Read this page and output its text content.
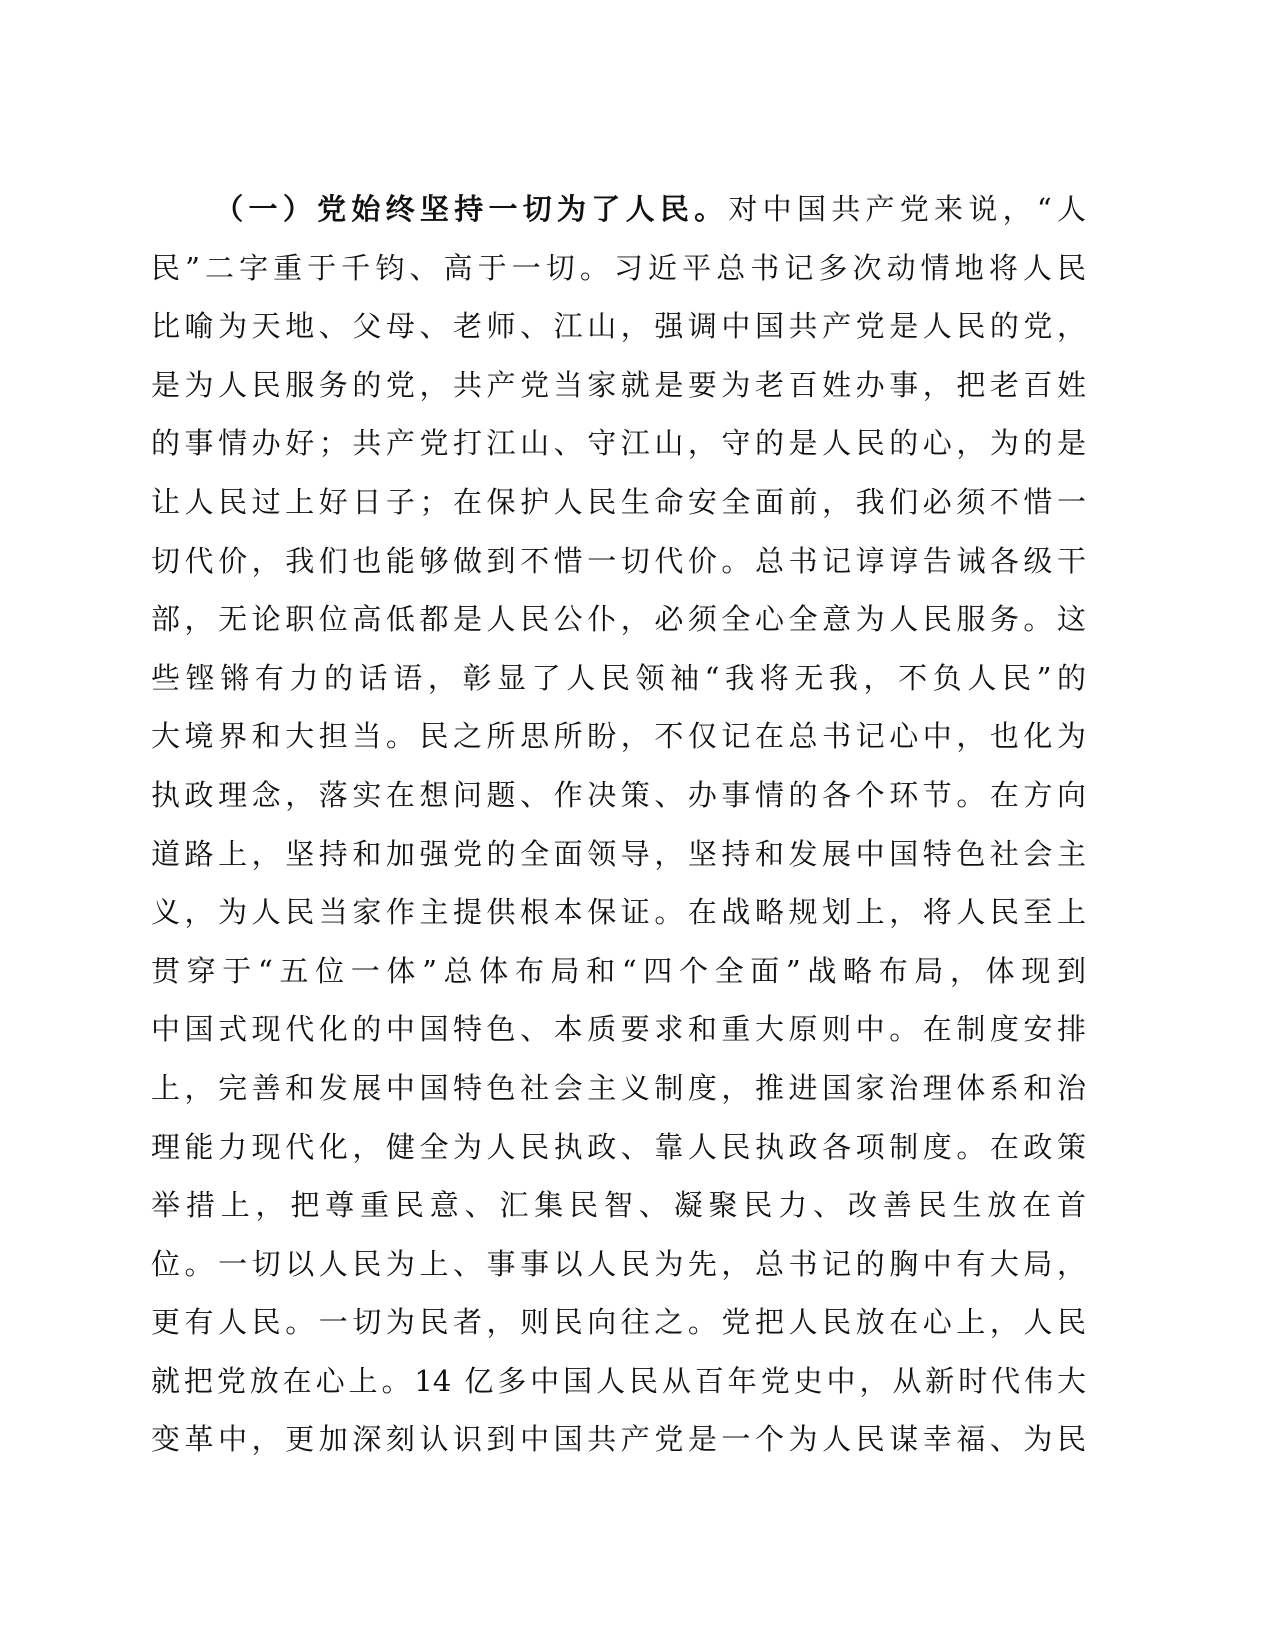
（一）党始终坚持一切为了人民。对中国共产党来说，“人
民”二字重于千钧、高于一切。习近平总书记多次动情地将人民
比喻为天地、父母、老师、江山，强调中国共产党是人民的党，
是为人民服务的党，共产党当家就是要为老百姓办事，把老百姓
的事情办好；共产党打江山、守江山，守的是人民的心，为的是
让人民过上好日子；在保护人民生命安全面前，我们必须不惜一
切代价，我们也能够做到不惜一切代价。总书记谆谆告诫各级干
部，无论职位高低都是人民公仆，必须全心全意为人民服务。这
些铿锵有力的话语，彰显了人民领袖“我将无我，不负人民”的
大境界和大担当。民之所思所盼，不仅记在总书记心中，也化为
执政理念，落实在想问题、作决策、办事情的各个环节。在方向
道路上，坚持和加强党的全面领导，坚持和发展中国特色社会主
义，为人民当家作主提供根本保证。在战略规划上，将人民至上
贯穿于“五位一体”总体布局和“四个全面”战略布局，体现到
中国式现代化的中国特色、本质要求和重大原则中。在制度安排
上，完善和发展中国特色社会主义制度，推进国家治理体系和治
理能力现代化，健全为人民执政、靠人民执政各项制度。在政策
举措上，把尊重民意、汇集民智、凝聚民力、改善民生放在首
位。一切以人民为上、事事以人民为先，总书记的胸中有大局，
更有人民。一切为民者，则民向往之。党把人民放在心上，人民
就把党放在心上。14 亿多中国人民从百年党史中，从新时代伟大
变革中，更加深刻认识到中国共产党是一个为人民谋幸福、为民
